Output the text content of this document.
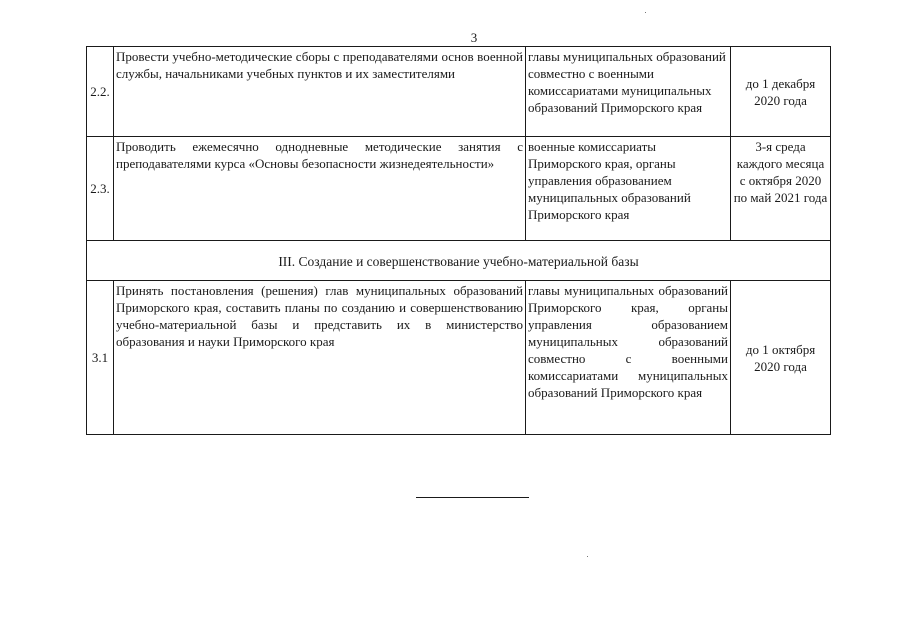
3
2.2.	Провести учебно-методические сборы с преподавателями основ военной службы, начальниками учебных пунктов и их заместителями	главы муниципальных образований совместно с военными комиссариатами муниципальных образований Приморского края	до 1 декабря 2020 года
2.3.	Проводить ежемесячно однодневные методические занятия с преподавателями курса «Основы безопасности жизнедеятельности»	военные комиссариаты Приморского края, органы управления образованием муниципальных образований Приморского края	3-я среда каждого месяца с октября 2020 по май 2021 года
III. Создание и совершенствование учебно-материальной базы			
3.1	Принять постановления (решения) глав муниципальных образований Приморского края, составить планы по созданию и совершенствованию учебно-материальной базы и представить их в министерство образования и науки Приморского края	главы муниципальных образований Приморского края, органы управления образованием муниципальных образований совместно с военными комиссариатами муниципальных образований Приморского края	до 1 октября 2020 года
